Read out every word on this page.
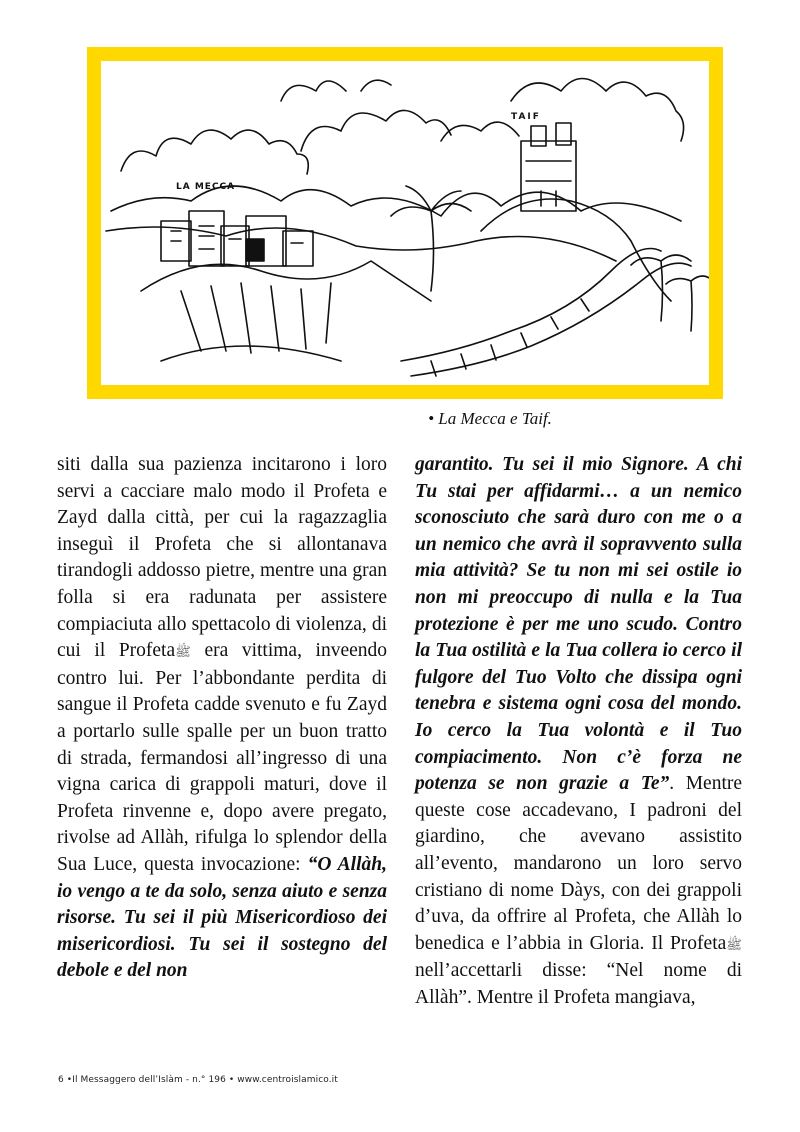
LA MECCA
TAIF
• La Mecca e Taif.

siti dalla sua pazienza incitarono i loro servi a cacciare malo modo il Profeta e Zayd dalla città, per cui la ragazzaglia inseguì il Profeta che si allontanava tirandogli addosso pietre, mentre una gran folla si era radunata per assistere compiaciuta allo spettacolo di violenza, di cui il Profetaﷺ era vittima, inveendo contro lui. Per l’abbondante perdita di sangue il Profeta cadde svenuto e fu Zayd a portarlo sulle spalle per un buon tratto di strada, fermandosi all’ingresso di una vigna carica di grappoli maturi, dove il Profeta rinvenne e, dopo avere pregato, rivolse ad Allàh, rifulga lo splendor della Sua Luce, questa invocazione: “O Allàh, io vengo a te da solo, senza aiuto e senza risorse. Tu sei il più Misericordioso dei misericordiosi. Tu sei il sostegno del debole e del non

garantito. Tu sei il mio Signore. A chi Tu stai per affidarmi… a un nemico sconosciuto che sarà duro con me o a un nemico che avrà il sopravvento sulla mia attività? Se tu non mi sei ostile io non mi preoccupo di nulla e la Tua protezione è per me uno scudo. Contro la Tua ostilità e la Tua collera io cerco il fulgore del Tuo Volto che dissipa ogni tenebra e sistema ogni cosa del mondo. Io cerco la Tua volontà e il Tuo compiacimento. Non c’è forza ne potenza se non grazie a Te”. Mentre queste cose accadevano, I padroni del giardino, che avevano assistito all’evento, mandarono un loro servo cristiano di nome Dàys, con dei grappoli d’uva, da offrire al Profeta, che Allàh lo benedica e l’abbia in Gloria. Il Profetaﷺ nell’accettarli disse: “Nel nome di Allàh”. Mentre il Profeta mangiava,

6 •Il Messaggero dell’Islàm - n.° 196 • www.centroislamico.it
